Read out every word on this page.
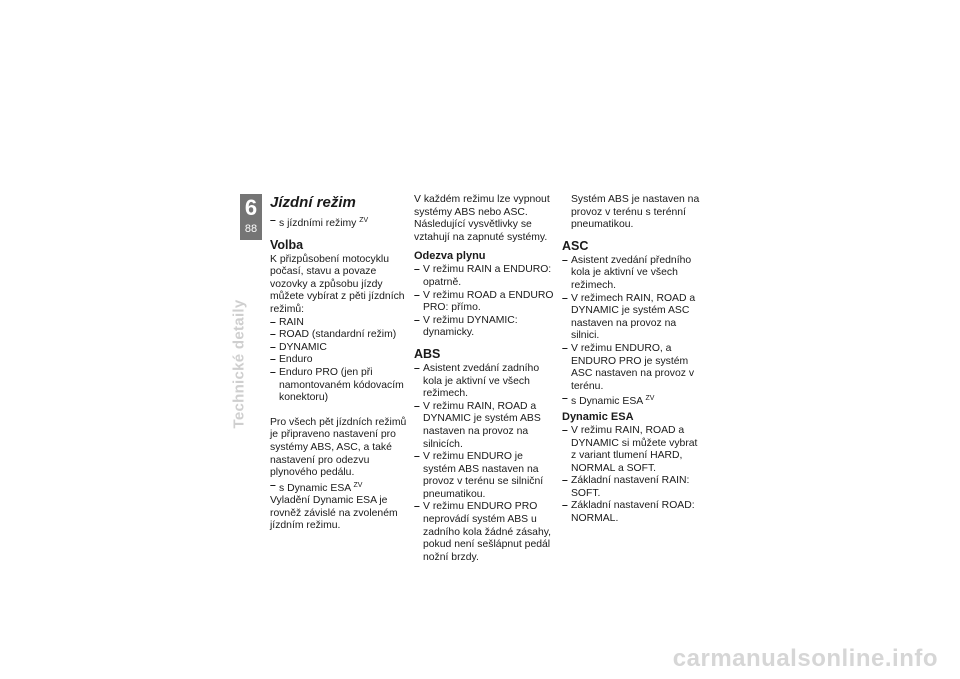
6
88
Technické detaily
Jízdní režim

– s jízdními režimy $^{ZV}$

Volba

K přizpůsobení motocyklu počasí, stavu a povaze vozovky a způsobu jízdy můžete vybírat z pěti jízdních režimů:

– RAIN
– ROAD (standardní režim)
– DYNAMIC
– Enduro
– Enduro PRO (jen při namontovaném kódovacím konektoru)

Pro všech pět jízdních režimů je připraveno nastavení pro systémy ABS, ASC, a také nastavení pro odezvu plynového pedálu.

– s Dynamic ESA $^{ZV}$

Vyladění Dynamic ESA je rovněž závislé na zvoleném jízdním režimu.

V každém režimu lze vypnout systémy ABS nebo ASC. Následující vysvětlivky se vztahují na zapnuté systémy.

Odezva plynu
– V režimu RAIN a ENDURO: opatrně.
– V režimu ROAD a ENDURO PRO: přímo.
– V režimu DYNAMIC: dynamicky.
ABS
– Asistent zvedání zadního kola je aktivní ve všech režimech.
– V režimu RAIN, ROAD a DYNAMIC je systém ABS nastaven na provoz na silnicích.
– V režimu ENDURO je systém ABS nastaven na provoz v terénu se silniční pneumatikou.
– V režimu ENDURO PRO neprovádí systém ABS u zadního kola žádné zásahy, pokud není sešlápnut pedál nožní brzdy.

Systém ABS je nastaven na provoz v terénu s terénní pneumatikou.

ASC
– Asistent zvedání předního kola je aktivní ve všech režimech.
– V režimech RAIN, ROAD a DYNAMIC je systém ASC nastaven na provoz na silnici.
– V režimu ENDURO, a ENDURO PRO je systém ASC nastaven na provoz v terénu.

– s Dynamic ESA $^{ZV}$

Dynamic ESA
– V režimu RAIN, ROAD a DYNAMIC si můžete vybrat z variant tlumení HARD, NORMAL a SOFT.
– Základní nastavení RAIN: SOFT.
– Základní nastavení ROAD: NORMAL.
carmanualsonline.info
